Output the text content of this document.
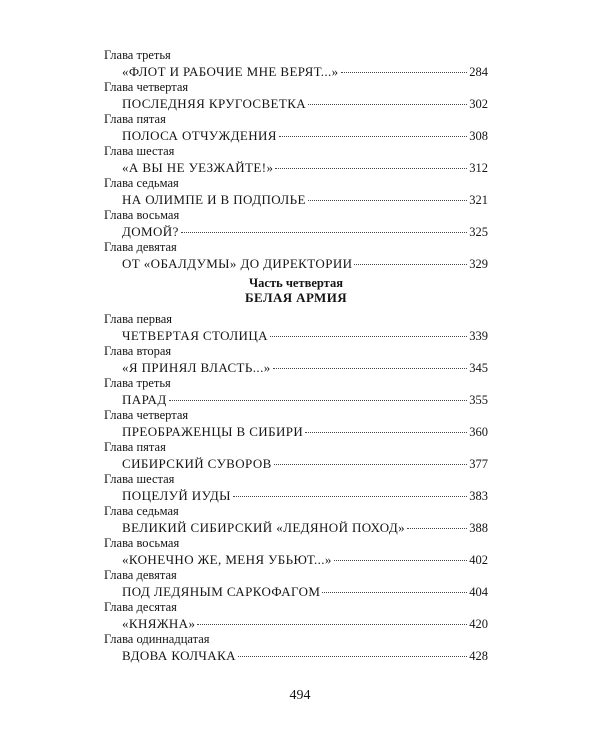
Глава третья
«ФЛОТ И РАБОЧИЕ МНЕ ВЕРЯТ...»	284
Глава четвертая
ПОСЛЕДНЯЯ КРУГОСВЕТКА	302
Глава пятая
ПОЛОСА ОТЧУЖДЕНИЯ	308
Глава шестая
«А ВЫ НЕ УЕЗЖАЙТЕ!»	312
Глава седьмая
НА ОЛИМПЕ И В ПОДПОЛЬЕ	321
Глава восьмая
ДОМОЙ?	325
Глава девятая
ОТ «ОБАЛДУМЫ» ДО ДИРЕКТОРИИ	329
Часть четвертая
БЕЛАЯ АРМИЯ
Глава первая
ЧЕТВЕРТАЯ СТОЛИЦА	339
Глава вторая
«Я ПРИНЯЛ ВЛАСТЬ...»	345
Глава третья
ПАРАД	355
Глава четвертая
ПРЕОБРАЖЕНЦЫ В СИБИРИ	360
Глава пятая
СИБИРСКИЙ СУВОРОВ	377
Глава шестая
ПОЦЕЛУЙ ИУДЫ	383
Глава седьмая
ВЕЛИКИЙ СИБИРСКИЙ «ЛЕДЯНОЙ ПОХОД»	388
Глава восьмая
«КОНЕЧНО ЖЕ, МЕНЯ УБЬЮТ...»	402
Глава девятая
ПОД ЛЕДЯНЫМ САРКОФАГОМ	404
Глава десятая
«КНЯЖНА»	420
Глава одиннадцатая
ВДОВА КОЛЧАКА	428
494
